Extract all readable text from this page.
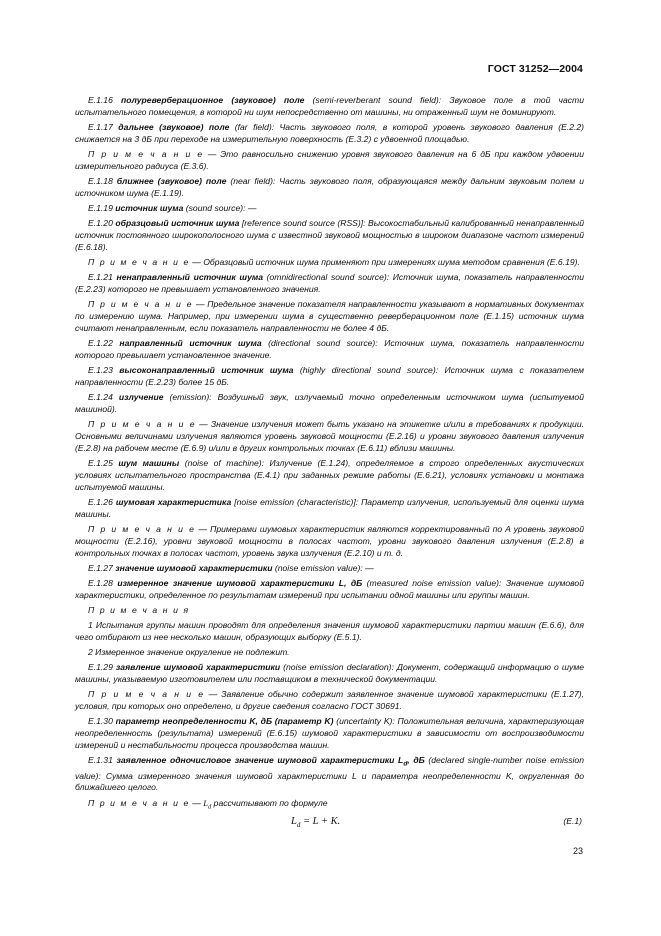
ГОСТ 31252—2004
E.1.16 полуреверберационное (звуковое) поле (semi-reverberant sound field): Звуковое поле в той части испытательного помещения, в которой ни шум непосредственно от машины, ни отраженный шум не доминируют.
E.1.17 дальнее (звуковое) поле (far field): Часть звукового поля, в которой уровень звукового давления (E.2.2) снижается на 3 дБ при переходе на измерительную поверхность (E.3.2) с удвоенной площадью.
П р и м е ч а н и е — Это равносильно снижению уровня звукового давления на 6 дБ при каждом удвоении измерительного радиуса (E.3.6).
E.1.18 ближнее (звуковое) поле (near field): Часть звукового поля, образующаяся между дальним звуковым полем и источником шума (E.1.19).
E.1.19 источник шума (sound source): —
E.1.20 образцовый источник шума [reference sound source (RSS)]: Высокостабильный калиброванный ненаправленный источник постоянного широкополосного шума с известной звуковой мощностью в широком диапазоне частот измерений (E.6.18).
П р и м е ч а н и е — Образцовый источник шума применяют при измерениях шума методом сравнения (E.6.19).
E.1.21 ненаправленный источник шума (omnidirectional sound source): Источник шума, показатель направленности (E.2.23) которого не превышает установленного значения.
П р и м е ч а н и е — Предельное значение показателя направленности указывают в нормативных документах по измерению шума. Например, при измерении шума в существенно реверберационном поле (E.1.15) источник шума считают ненаправленным, если показатель направленности не более 4 дБ.
E.1.22 направленный источник шума (directional sound source): Источник шума, показатель направленности которого превышает установленное значение.
E.1.23 высоконаправленный источник шума (highly directional sound source): Источник шума с показателем направленности (E.2.23) более 15 дБ.
E.1.24 излучение (emission): Воздушный звук, излучаемый точно определенным источником шума (испытуемой машиной).
П р и м е ч а н и е — Значение излучения может быть указано на этикетке и/или в требованиях к продукции. Основными величинами излучения являются уровень звуковой мощности (E.2.16) и уровни звукового давления излучения (E.2.8) на рабочем месте (E.6.9) и/или в других контрольных точках (E.6.11) вблизи машины.
E.1.25 шум машины (noise of machine): Излучение (E.1.24), определяемое в строго определенных акустических условиях испытательного пространства (E.4.1) при заданных режиме работы (E.6.21), условиях установки и монтажа испытуемой машины.
E.1.26 шумовая характеристика [noise emission (characteristic)]: Параметр излучения, используемый для оценки шума машины.
П р и м е ч а н и е — Примерами шумовых характеристик являются корректированный по A уровень звуковой мощности (E.2.16), уровни звуковой мощности в полосах частот, уровни звукового давления излучения (E.2.8) в контрольных точках в полосах частот, уровень звука излучения (E.2.10) и т. д.
E.1.27 значение шумовой характеристики (noise emission value): —
E.1.28 измеренное значение шумовой характеристики L, дБ (measured noise emission value): Значение шумовой характеристики, определенное по результатам измерений при испытании одной машины или группы машин.
П р и м е ч а н и я
1 Испытания группы машин проводят для определения значения шумовой характеристики партии машин (E.6.6), для чего отбирают из нее несколько машин, образующих выборку (E.5.1).
2 Измеренное значение округление не подлежит.
E.1.29 заявление шумовой характеристики (noise emission declaration): Документ, содержащий информацию о шуме машины, указываемую изготовителем или поставщиком в технической документации.
П р и м е ч а н и е — Заявление обычно содержит заявленное значение шумовой характеристики (E.1.27), условия, при которых оно определено, и другие сведения согласно ГОСТ 30691.
E.1.30 параметр неопределенности K, дБ (параметр K) (uncertainty K): Положительная величина, характеризующая неопределенность (результата) измерений (E.6.15) шумовой характеристики в зависимости от воспроизводимости измерений и нестабильности процесса производства машин.
E.1.31 заявленное одночисловое значение шумовой характеристики $L_d$, дБ (declared single-number noise emission value): Сумма измеренного значения шумовой характеристики L и параметра неопределенности K, округленная до ближайшего целого.
П р и м е ч а н и е — $L_d$ рассчитывают по формуле
$L_d = L + K$.	(E.1)
23
